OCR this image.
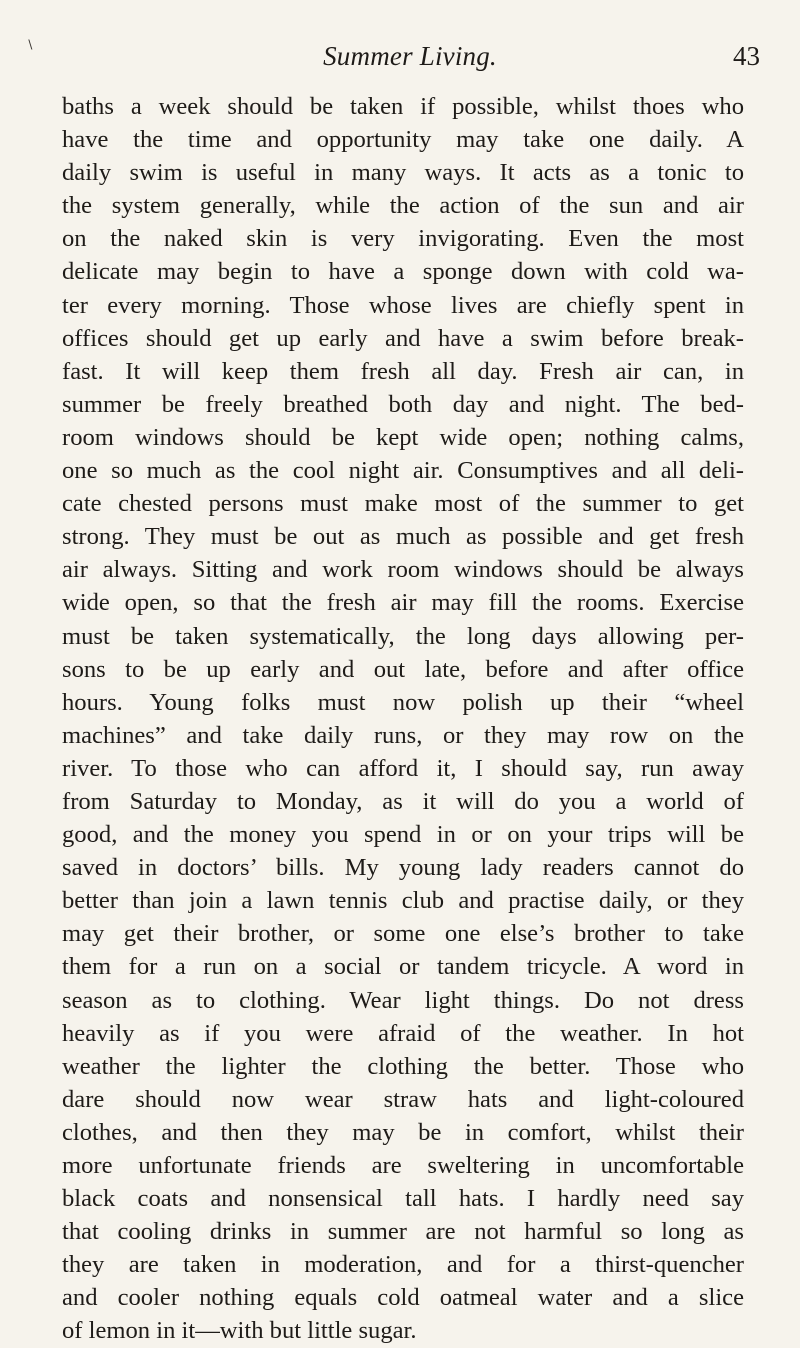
∖	Summer Living.	43
baths a week should be taken if possible, whilst thoes who
have the time and opportunity may take one daily. A
daily swim is useful in many ways. It acts as a tonic to
the system generally, while the action of the sun and air
on the naked skin is very invigorating. Even the most
delicate may begin to have a sponge down with cold wa-
ter every morning. Those whose lives are chiefly spent in
offices should get up early and have a swim before break-
fast. It will keep them fresh all day. Fresh air can, in
summer be freely breathed both day and night. The bed-
room windows should be kept wide open; nothing calms,
one so much as the cool night air. Consumptives and all deli-
cate chested persons must make most of the summer to get
strong. They must be out as much as possible and get fresh
air always. Sitting and work room windows should be always
wide open, so that the fresh air may fill the rooms. Exercise
must be taken systematically, the long days allowing per-
sons to be up early and out late, before and after office
hours. Young folks must now polish up their “wheel
machines” and take daily runs, or they may row on the
river. To those who can afford it, I should say, run away
from Saturday to Monday, as it will do you a world of
good, and the money you spend in or on your trips will be
saved in doctors’ bills. My young lady readers cannot do
better than join a lawn tennis club and practise daily, or they
may get their brother, or some one else’s brother to take
them for a run on a social or tandem tricycle. A word in
season as to clothing. Wear light things. Do not dress
heavily as if you were afraid of the weather. In hot
weather the lighter the clothing the better. Those who
dare should now wear straw hats and light-coloured
clothes, and then they may be in comfort, whilst their
more unfortunate friends are sweltering in uncomfortable
black coats and nonsensical tall hats. I hardly need say
that cooling drinks in summer are not harmful so long as
they are taken in moderation, and for a thirst-quencher
and cooler nothing equals cold oatmeal water and a slice
of lemon in it—with but little sugar.
